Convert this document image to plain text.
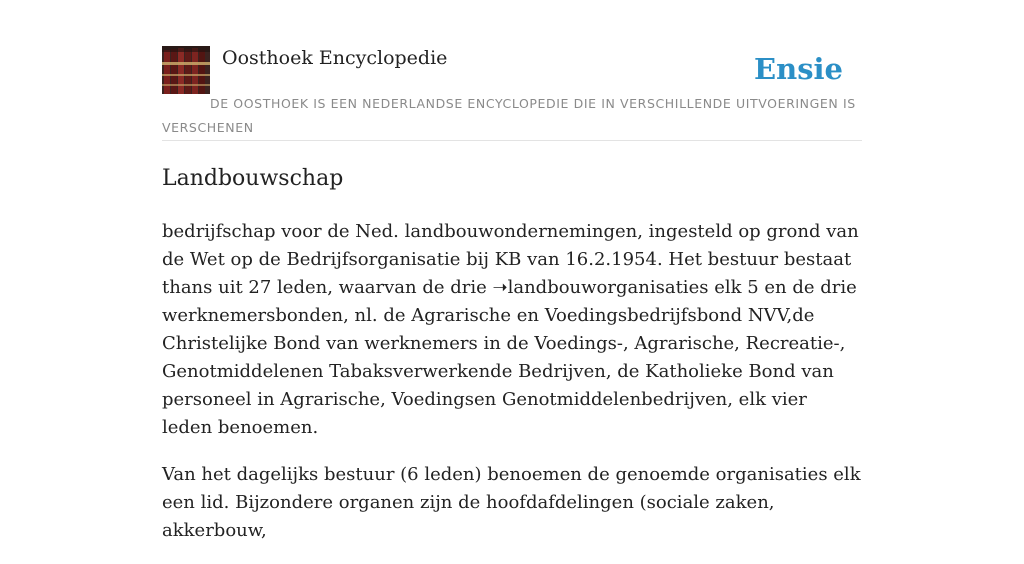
Oosthoek Encyclopedie	Ensie

DE OOSTHOEK IS EEN NEDERLANDSE ENCYCLOPEDIE DIE IN VERSCHILLENDE UITVOERINGEN IS VERSCHENEN

Landbouwschap

bedrijfschap voor de Ned. landbouwondernemingen, ingesteld op grond van de Wet op de Bedrijfsorganisatie bij KB van 16.2.1954. Het bestuur bestaat thans uit 27 leden, waarvan de drie ➝landbouworganisaties elk 5 en de drie werknemersbonden, nl. de Agrarische en Voedingsbedrijfsbond NVV,de Christelijke Bond van werknemers in de Voedings-, Agrarische, Recreatie-, Genotmiddelenen Tabaksverwerkende Bedrijven, de Katholieke Bond van personeel in Agrarische, Voedingsen Genotmiddelenbedrijven, elk vier leden benoemen.

Van het dagelijks bestuur (6 leden) benoemen de genoemde organisaties elk een lid. Bijzondere organen zijn de hoofdafdelingen (sociale zaken, akkerbouw,
